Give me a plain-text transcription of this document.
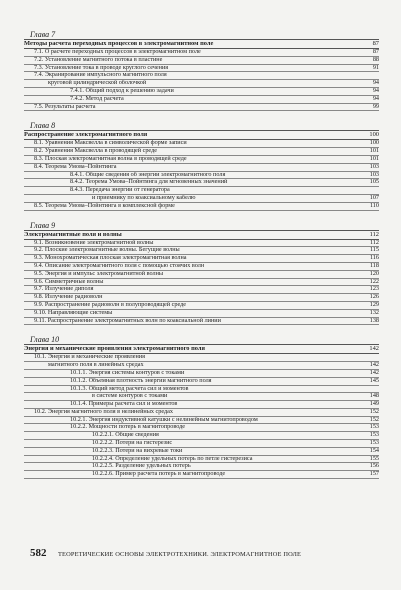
Глава 7
Методы расчета переходных процессов в электромагнитном поле	87
7.1. О расчете переходных процессов в электромагнитном поле	87
7.2. Установление магнитного потока в пластине	88
7.3. Установление тока в проводе круглого сечения	91
7.4. Экранирование импульсного магнитного поля
круговой цилиндрической оболочкой	94
7.4.1. Общий подход к решению задачи	94
7.4.2. Метод расчета	94
7.5. Результаты расчета	99
Глава 8
Распространение электромагнитного поля	100
8.1. Уравнения Максвелла в символической форме записи	100
8.2. Уравнения Максвелла в проводящей среде	101
8.3. Плоская электромагнитная волна в проводящей среде	101
8.4. Теорема Умова–Пойнтинга	103
8.4.1. Общие сведения об энергии электромагнитного поля	103
8.4.2. Теорема Умова–Пойнтинга для мгновенных значений	105
8.4.3. Передача энергии от генератора
и приемнику по коаксиальному кабелю	107
8.5. Теорема Умова–Пойнтинга в комплексной форме	110
Глава 9
Электромагнитные поля и волны	112
9.1. Возникновение электромагнитной волны	112
9.2. Плоские электромагнитные волны. Бегущие волны	115
9.3. Монохроматическая плоская электромагнитная волна	116
9.4. Описание электромагнитного поля с помощью стоячих волн	118
9.5. Энергия и импульс электромагнитной волны	120
9.6. Симметричные волны	122
9.7. Излучение диполя	123
9.8. Излучение радиоволн	126
9.9. Распространение радиоволн в полупроводящей среде	129
9.10. Направляющие системы	132
9.11. Распространение электромагнитных волн по коаксиальной линии	138
Глава 10
Энергия и механические проявления электромагнитного поля	142
10.1. Энергия и механические проявления
магнитного поля в линейных средах	142
10.1.1. Энергия системы контуров с токами	142
10.1.2. Объемная плотность энергии магнитного поля	145
10.1.3. Общий метод расчета сил и моментов
в системе контуров с токами	148
10.1.4. Примеры расчета сил и моментов	149
10.2. Энергия магнитного поля в нелинейных средах	152
10.2.1. Энергия индуктивной катушки с нелинейным магнитопроводом	152
10.2.2. Мощности потерь в магнитопроводе	153
10.2.2.1. Общие сведения	153
10.2.2.2. Потери на гистерезис	153
10.2.2.3. Потери на вихревые токи	154
10.2.2.4. Определение удельных потерь по петле гистерезиса	155
10.2.2.5. Разделение удельных потерь	156
10.2.2.6. Пример расчета потерь в магнитопроводе	157
582	ТЕОРЕТИЧЕСКИЕ ОСНОВЫ ЭЛЕКТРОТЕХНИКИ. ЭЛЕКТРОМАГНИТНОЕ ПОЛЕ
